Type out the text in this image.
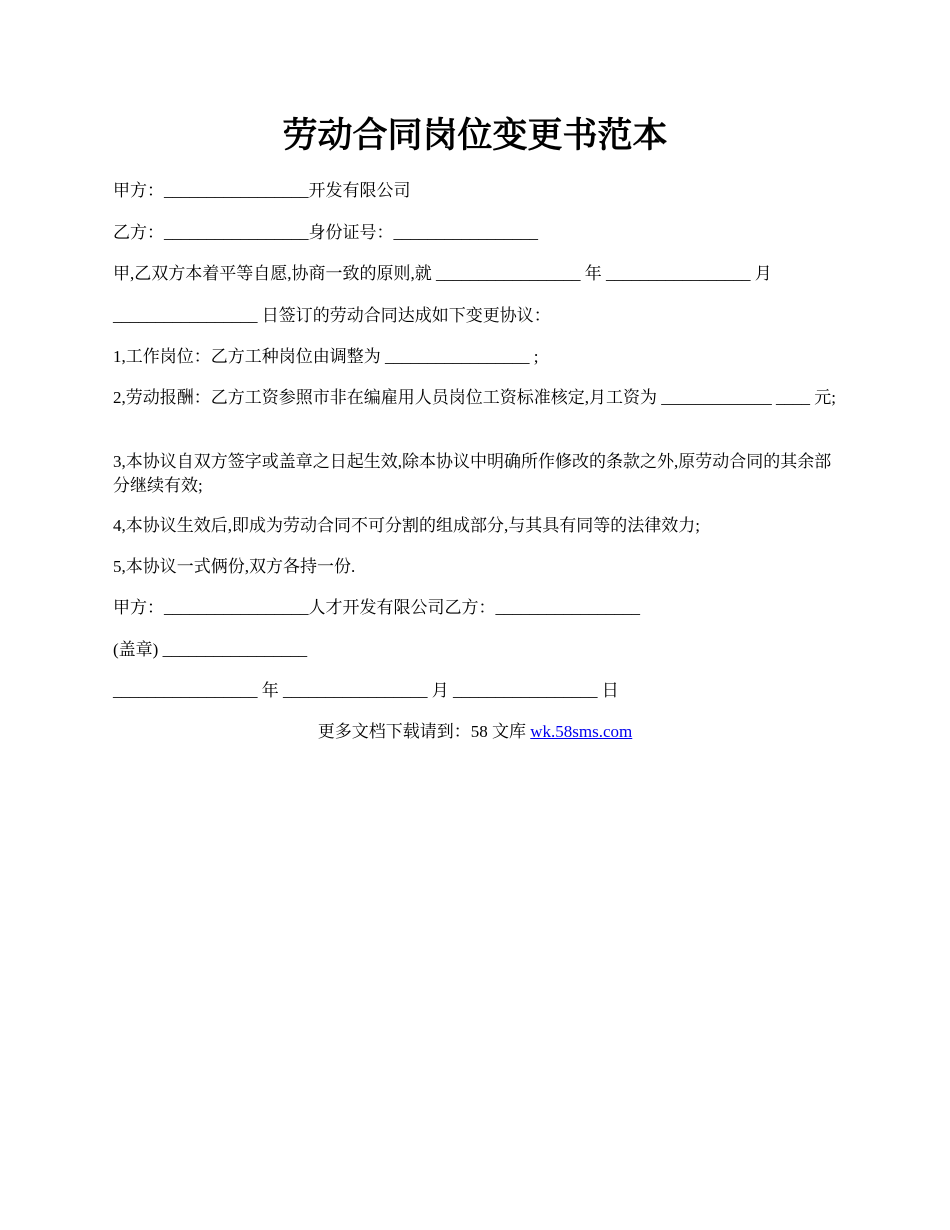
劳动合同岗位变更书范本
甲方：_________________开发有限公司
乙方：_________________身份证号：_________________
甲,乙双方本着平等自愿,协商一致的原则,就 _________________ 年 _________________ 月
_________________ 日签订的劳动合同达成如下变更协议：
1,工作岗位：乙方工种岗位由调整为 _________________ ;
2,劳动报酬：乙方工资参照市非在编雇用人员岗位工资标准核定,月工资为 _____________ ____ 元;
3,本协议自双方签字或盖章之日起生效,除本协议中明确所作修改的条款之外,原劳动合同的其余部分继续有效;
4,本协议生效后,即成为劳动合同不可分割的组成部分,与其具有同等的法律效力;
5,本协议一式俩份,双方各持一份.
甲方：_________________人才开发有限公司乙方：_________________
(盖章) _________________
_________________ 年 _________________ 月 _________________ 日
更多文档下载请到：58 文库 wk.58sms.com
